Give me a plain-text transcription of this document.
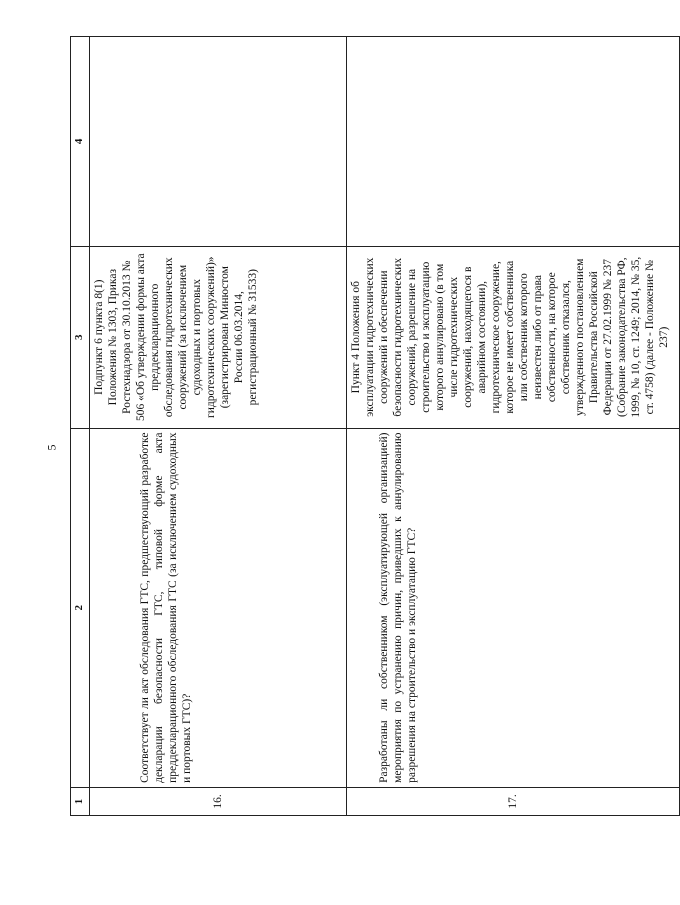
5
1	2	3	4
16.	Соответствует ли акт обследования ГТС, предшествующий разработке декларации безопасности ГТС, типовой форме акта преддекларационного обследования ГТС (за исключением судоходных и портовых ГТС)?	Подпункт 6 пункта 8(1) Положения № 1303, Приказ Ростехнадзора от 30.10.2013 № 506 «Об утверждении формы акта преддекларационного обследования гидротехнических сооружений (за исключением судоходных и портовых гидротехнических сооружений)» (зарегистрирован Минюстом России 06.03.2014, регистрационный № 31533)	
17.	Разработаны ли собственником (эксплуатирующей организацией) мероприятия по устранению причин, приведших к аннулированию разрешения на строительство и эксплуатацию ГТС?	Пункт 4 Положения об эксплуатации гидротехнических сооружений и обеспечении безопасности гидротехнических сооружений, разрешение на строительство и эксплуатацию которого аннулировано (в том числе гидротехнических сооружений, находящегося в аварийном состоянии), гидротехническое сооружение, которое не имеет собственника или собственник которого неизвестен либо от права собственности, на которое собственник отказался, утвержденного постановлением Правительства Российской Федерации от 27.02.1999 № 237 (Собрание законодательства РФ, 1999, № 10, ст. 1249; 2014, № 35, ст. 4758) (далее - Положение № 237)	
